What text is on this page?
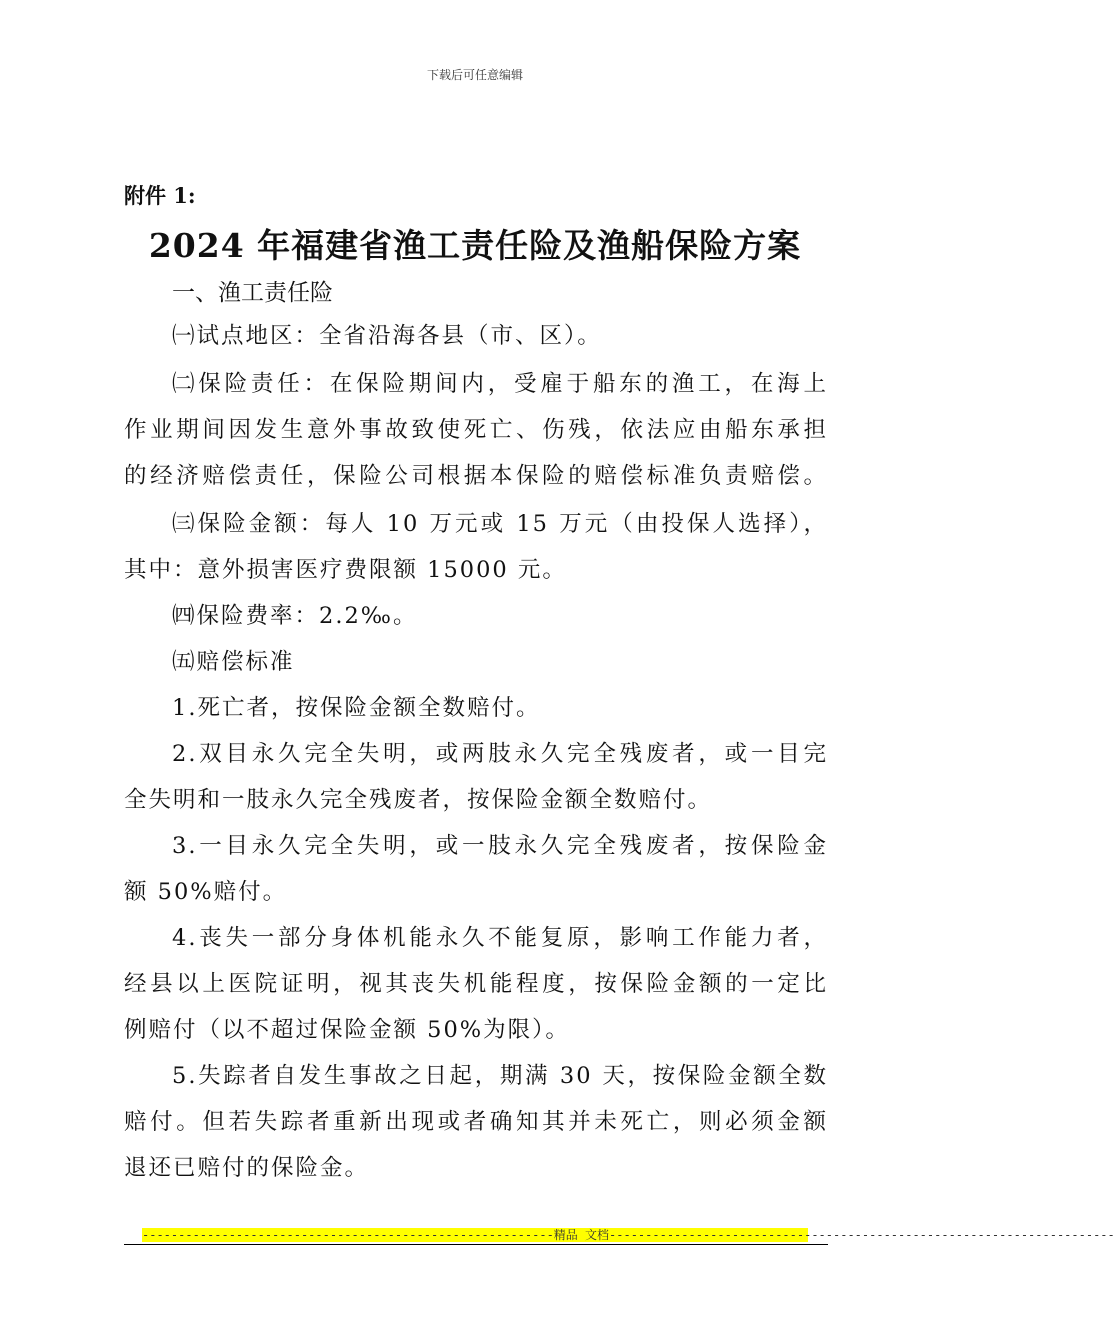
下载后可任意编辑
附件 1:
2024 年福建省渔工责任险及渔船保险方案
一、渔工责任险
㈠试点地区：全省沿海各县（市、区）。
㈡保险责任：在保险期间内，受雇于船东的渔工，在海上
作业期间因发生意外事故致使死亡、伤残，依法应由船东承担
的经济赔偿责任，保险公司根据本保险的赔偿标准负责赔偿。
㈢保险金额：每人 10 万元或 15 万元（由投保人选择），
其中：意外损害医疗费限额 15000 元。
㈣保险费率：2.2‰。
㈤赔偿标准
1.死亡者，按保险金额全数赔付。
2.双目永久完全失明，或两肢永久完全残废者，或一目完
全失明和一肢永久完全残废者，按保险金额全数赔付。
3.一目永久完全失明，或一肢永久完全残废者，按保险金
额 50%赔付。
4.丧失一部分身体机能永久不能复原，影响工作能力者，
经县以上医院证明，视其丧失机能程度，按保险金额的一定比
例赔付（以不超过保险金额 50%为限）。
5.失踪者自发生事故之日起，期满 30 天，按保险金额全数
赔付。但若失踪者重新出现或者确知其并未死亡，则必须金额
退还已赔付的保险金。
---------------------------------------------------------精品 文档----------------------------------------------------------------------
